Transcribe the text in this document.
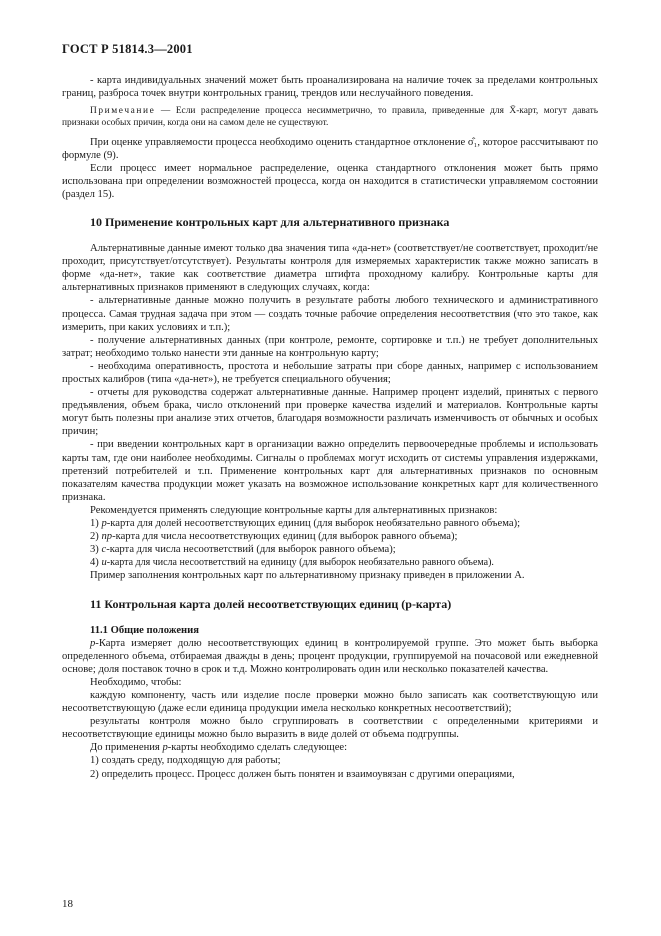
ГОСТ Р 51814.3—2001

- карта индивидуальных значений может быть проанализирована на наличие точек за пределами контрольных границ, разброса точек внутри контрольных границ, трендов или неслучайного поведения.

Примечание — Если распределение процесса несимметрично, то правила, приведенные для X̄-карт, могут давать признаки особых причин, когда они на самом деле не существуют.

При оценке управляемости процесса необходимо оценить стандартное отклонение σ̂₁, которое рассчитывают по формуле (9).

Если процесс имеет нормальное распределение, оценка стандартного отклонения может быть прямо использована при определении возможностей процесса, когда он находится в статистически управляемом состоянии (раздел 15).

10 Применение контрольных карт для альтернативного признака

Альтернативные данные имеют только два значения типа «да-нет» (соответствует/не соответствует, проходит/не проходит, присутствует/отсутствует). Результаты контроля для измеряемых характеристик также можно записать в форме «да-нет», такие как соответствие диаметра штифта проходному калибру. Контрольные карты для альтернативных признаков применяют в следующих случаях, когда:

- альтернативные данные можно получить в результате работы любого технического и административного процесса. Самая трудная задача при этом — создать точные рабочие определения несоответствия (что это такое, как измерить, при каких условиях и т.п.);

- получение альтернативных данных (при контроле, ремонте, сортировке и т.п.) не требует дополнительных затрат; необходимо только нанести эти данные на контрольную карту;

- необходима оперативность, простота и небольшие затраты при сборе данных, например с использованием простых калибров (типа «да-нет»), не требуется специального обучения;

- отчеты для руководства содержат альтернативные данные. Например процент изделий, принятых с первого предъявления, объем брака, число отклонений при проверке качества изделий и материалов. Контрольные карты могут быть полезны при анализе этих отчетов, благодаря возможности различать изменчивость от обычных и особых причин;

- при введении контрольных карт в организации важно определить первоочередные проблемы и использовать карты там, где они наиболее необходимы. Сигналы о проблемах могут исходить от системы управления издержками, претензий потребителей и т.п. Применение контрольных карт для альтернативных признаков по основным показателям качества продукции может указать на возможное использование конкретных карт для количественного признака.

Рекомендуется применять следующие контрольные карты для альтернативных признаков:

1) p-карта для долей несоответствующих единиц (для выборок необязательно равного объема);

2) np-карта для числа несоответствующих единиц (для выборок равного объема);

3) c-карта для числа несоответствий (для выборок равного объема);

4) u-карта для числа несоответствий на единицу (для выборок необязательно равного объема).

Пример заполнения контрольных карт по альтернативному признаку приведен в приложении А.

11 Контрольная карта долей несоответствующих единиц (p-карта)

11.1 Общие положения

p-Карта измеряет долю несоответствующих единиц в контролируемой группе. Это может быть выборка определенного объема, отбираемая дважды в день; процент продукции, группируемой на почасовой или ежедневной основе; доля поставок точно в срок и т.д. Можно контролировать один или несколько показателей качества.

Необходимо, чтобы:

каждую компоненту, часть или изделие после проверки можно было записать как соответствующую или несоответствующую (даже если единица продукции имела несколько конкретных несоответствий);

результаты контроля можно было сгруппировать в соответствии с определенными критериями и несоответствующие единицы можно было выразить в виде долей от объема подгруппы.

До применения p-карты необходимо сделать следующее:

1) создать среду, подходящую для работы;

2) определить процесс. Процесс должен быть понятен и взаимоувязан с другими операциями,

18
